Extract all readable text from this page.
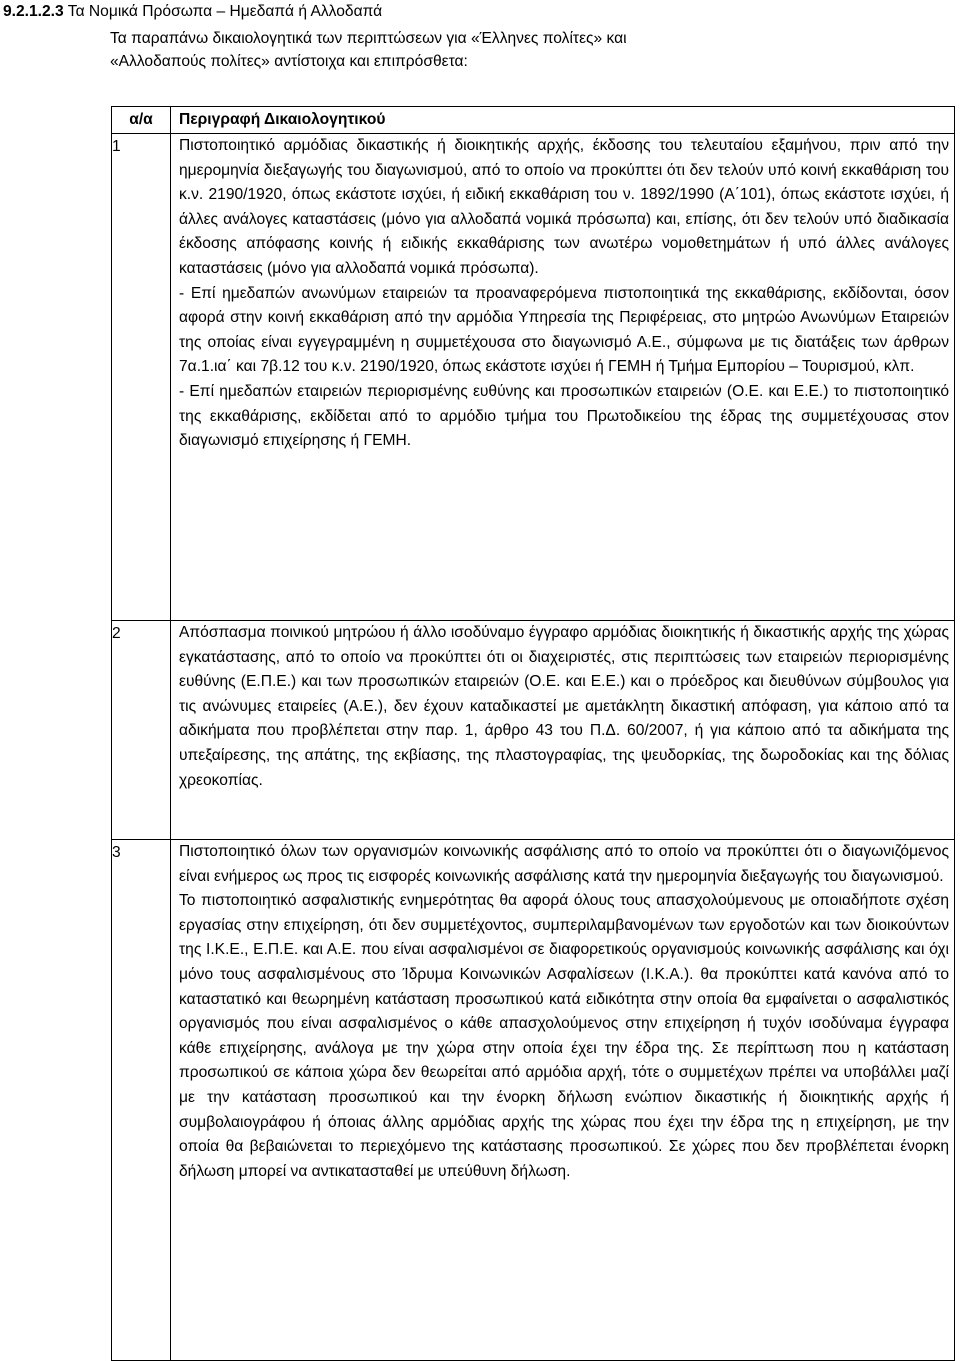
9.2.1.2.3 Τα Νομικά Πρόσωπα – Ημεδαπά ή Αλλοδαπά
Τα παραπάνω δικαιολογητικά των περιπτώσεων για «Έλληνες πολίτες» και
«Αλλοδαπούς πολίτες» αντίστοιχα και επιπρόσθετα:
α/α	Περιγραφή Δικαιολογητικού
1	Πιστοποιητικό αρμόδιας δικαστικής ή διοικητικής αρχής, έκδοσης του τελευταίου εξαμήνου, πριν από την ημερομηνία διεξαγωγής του διαγωνισμού, από το οποίο να προκύπτει ότι δεν τελούν υπό κοινή εκκαθάριση του κ.ν. 2190/1920, όπως εκάστοτε ισχύει, ή ειδική εκκαθάριση του ν. 1892/1990 (Α΄101), όπως εκάστοτε ισχύει, ή άλλες ανάλογες καταστάσεις (μόνο για αλλοδαπά νομικά πρόσωπα) και, επίσης, ότι δεν τελούν υπό διαδικασία έκδοσης απόφασης κοινής ή ειδικής εκκαθάρισης των ανωτέρω νομοθετημάτων ή υπό άλλες ανάλογες καταστάσεις (μόνο για αλλοδαπά νομικά πρόσωπα).

- Επί ημεδαπών ανωνύμων εταιρειών τα προαναφερόμενα πιστοποιητικά της εκκαθάρισης, εκδίδονται, όσον αφορά στην κοινή εκκαθάριση από την αρμόδια Υπηρεσία της Περιφέρειας, στο μητρώο Ανωνύμων Εταιρειών της οποίας είναι εγγεγραμμένη η συμμετέχουσα στο διαγωνισμό Α.Ε., σύμφωνα με τις διατάξεις των άρθρων 7α.1.ια΄ και 7β.12 του κ.ν. 2190/1920, όπως εκάστοτε ισχύει ή ΓΕΜΗ ή Τμήμα Εμπορίου – Τουρισμού, κλπ.

- Επί ημεδαπών εταιρειών περιορισμένης ευθύνης και προσωπικών εταιρειών (Ο.Ε. και Ε.Ε.) το πιστοποιητικό της εκκαθάρισης, εκδίδεται από το αρμόδιο τμήμα του Πρωτοδικείου της έδρας της συμμετέχουσας στον διαγωνισμό επιχείρησης ή ΓΕΜΗ.

2	Απόσπασμα ποινικού μητρώου ή άλλο ισοδύναμο έγγραφο αρμόδιας διοικητικής ή δικαστικής αρχής της χώρας εγκατάστασης, από το οποίο να προκύπτει ότι οι διαχειριστές, στις περιπτώσεις των εταιρειών περιορισμένης ευθύνης (Ε.Π.Ε.) και των προσωπικών εταιρειών (Ο.Ε. και Ε.Ε.) και ο πρόεδρος και διευθύνων σύμβουλος για τις ανώνυμες εταιρείες (Α.Ε.), δεν έχουν καταδικαστεί με αμετάκλητη δικαστική απόφαση, για κάποιο από τα αδικήματα που προβλέπεται στην παρ. 1, άρθρο 43 του Π.Δ. 60/2007, ή για κάποιο από τα αδικήματα της υπεξαίρεσης, της απάτης, της εκβίασης, της πλαστογραφίας, της ψευδορκίας, της δωροδοκίας και της δόλιας χρεοκοπίας.

3	Πιστοποιητικό όλων των οργανισμών κοινωνικής ασφάλισης από το οποίο να προκύπτει ότι ο διαγωνιζόμενος είναι ενήμερος ως προς τις εισφορές κοινωνικής ασφάλισης κατά την ημερομηνία διεξαγωγής του διαγωνισμού.

Το πιστοποιητικό ασφαλιστικής ενημερότητας θα αφορά όλους τους απασχολούμενους με οποιαδήποτε σχέση εργασίας στην επιχείρηση, ότι δεν συμμετέχοντος, συμπεριλαμβανομένων των εργοδοτών και των διοικούντων της Ι.Κ.Ε., Ε.Π.Ε. και Α.Ε. που είναι ασφαλισμένοι σε διαφορετικούς οργανισμούς κοινωνικής ασφάλισης και όχι μόνο τους ασφαλισμένους στο Ίδρυμα Κοινωνικών Ασφαλίσεων (Ι.Κ.Α.). θα προκύπτει κατά κανόνα από το καταστατικό και θεωρημένη κατάσταση προσωπικού κατά ειδικότητα στην οποία θα εμφαίνεται ο ασφαλιστικός οργανισμός που είναι ασφαλισμένος ο κάθε απασχολούμενος στην επιχείρηση ή τυχόν ισοδύναμα έγγραφα κάθε επιχείρησης, ανάλογα με την χώρα στην οποία έχει την έδρα της. Σε περίπτωση που η κατάσταση προσωπικού σε κάποια χώρα δεν θεωρείται από αρμόδια αρχή, τότε ο συμμετέχων πρέπει να υποβάλλει μαζί με την κατάσταση προσωπικού και την ένορκη δήλωση ενώπιον δικαστικής ή διοικητικής αρχής ή συμβολαιογράφου ή όποιας άλλης αρμόδιας αρχής της χώρας που έχει την έδρα της η επιχείρηση, με την οποία θα βεβαιώνεται το περιεχόμενο της κατάστασης προσωπικού. Σε χώρες που δεν προβλέπεται ένορκη δήλωση μπορεί να αντικατασταθεί με υπεύθυνη δήλωση.
